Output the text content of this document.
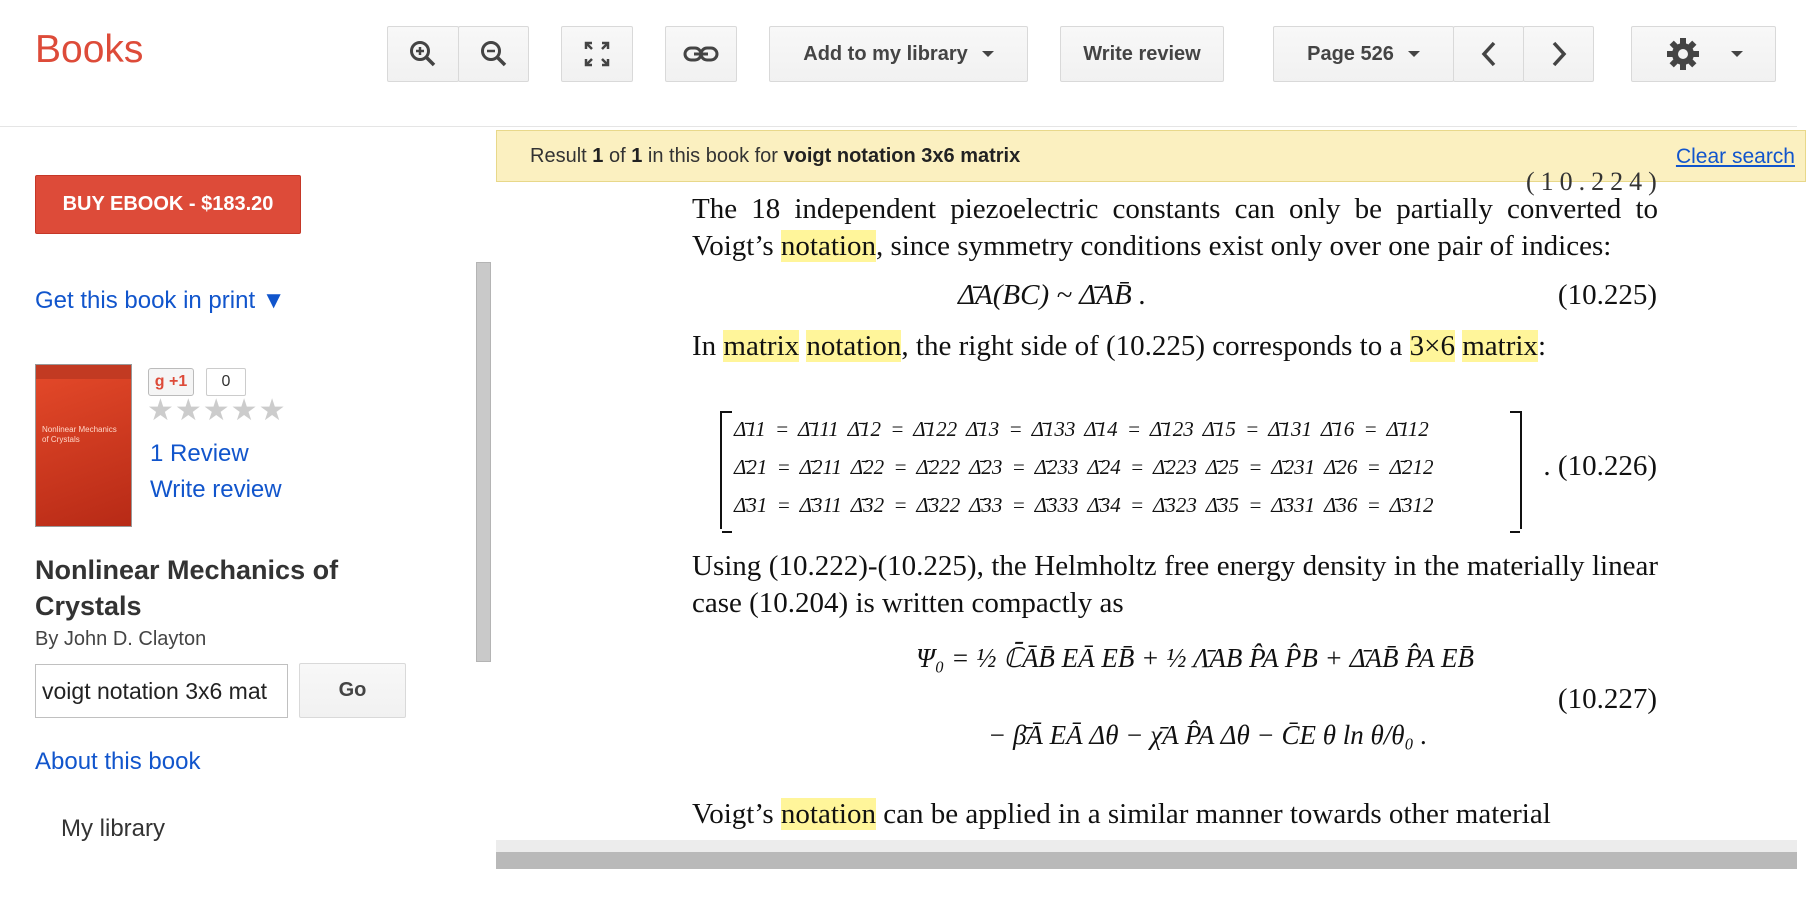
Books	Add to my library	Write review	Page 526
BUY EBOOK - $183.20
Get this book in print ▼
Nonlinear Mechanics of Crystals
g +1	0
★★★★★
1 Review
Write review
Nonlinear Mechanics of Crystals
By John D. Clayton
voigt notation 3x6 mat
Go
About this book
My library
Result
1
of
1
in this book for
voigt notation 3x6 matrix	Clear search
(10.224)
The 18 independent piezoelectric constants can only be partially converted to Voigt’s notation, since symmetry conditions exist only over one pair of indices:
Δ̄A(BC) ~ Δ̄AB̄ .	(10.225)
In matrix notation, the right side of (10.225) corresponds to a 3×6 matrix:
Δ̄11 = Δ̄111 Δ̄12 = Δ̄122 Δ̄13 = Δ̄133 Δ̄14 = Δ̄123 Δ̄15 = Δ̄131 Δ̄16 = Δ̄112
Δ̄21 = Δ̄211 Δ̄22 = Δ̄222 Δ̄23 = Δ̄233 Δ̄24 = Δ̄223 Δ̄25 = Δ̄231 Δ̄26 = Δ̄212
Δ̄31 = Δ̄311 Δ̄32 = Δ̄322 Δ̄33 = Δ̄333 Δ̄34 = Δ̄323 Δ̄35 = Δ̄331 Δ̄36 = Δ̄312
. (10.226)
Using (10.222)-(10.225), the Helmholtz free energy density in the materially linear case (10.204) is written compactly as
Ψ₀ = ½ ℂ̄ĀB̄ EĀ EB̄ + ½ Λ̄AB P̂A P̂B + Δ̄AB̄ P̂A EB̄
− β̄Ā EĀ Δθ − χ̄A P̂A Δθ − C̄E θ ln θ/θ₀ .
(10.227)
Voigt’s notation can be applied in a similar manner towards other material
